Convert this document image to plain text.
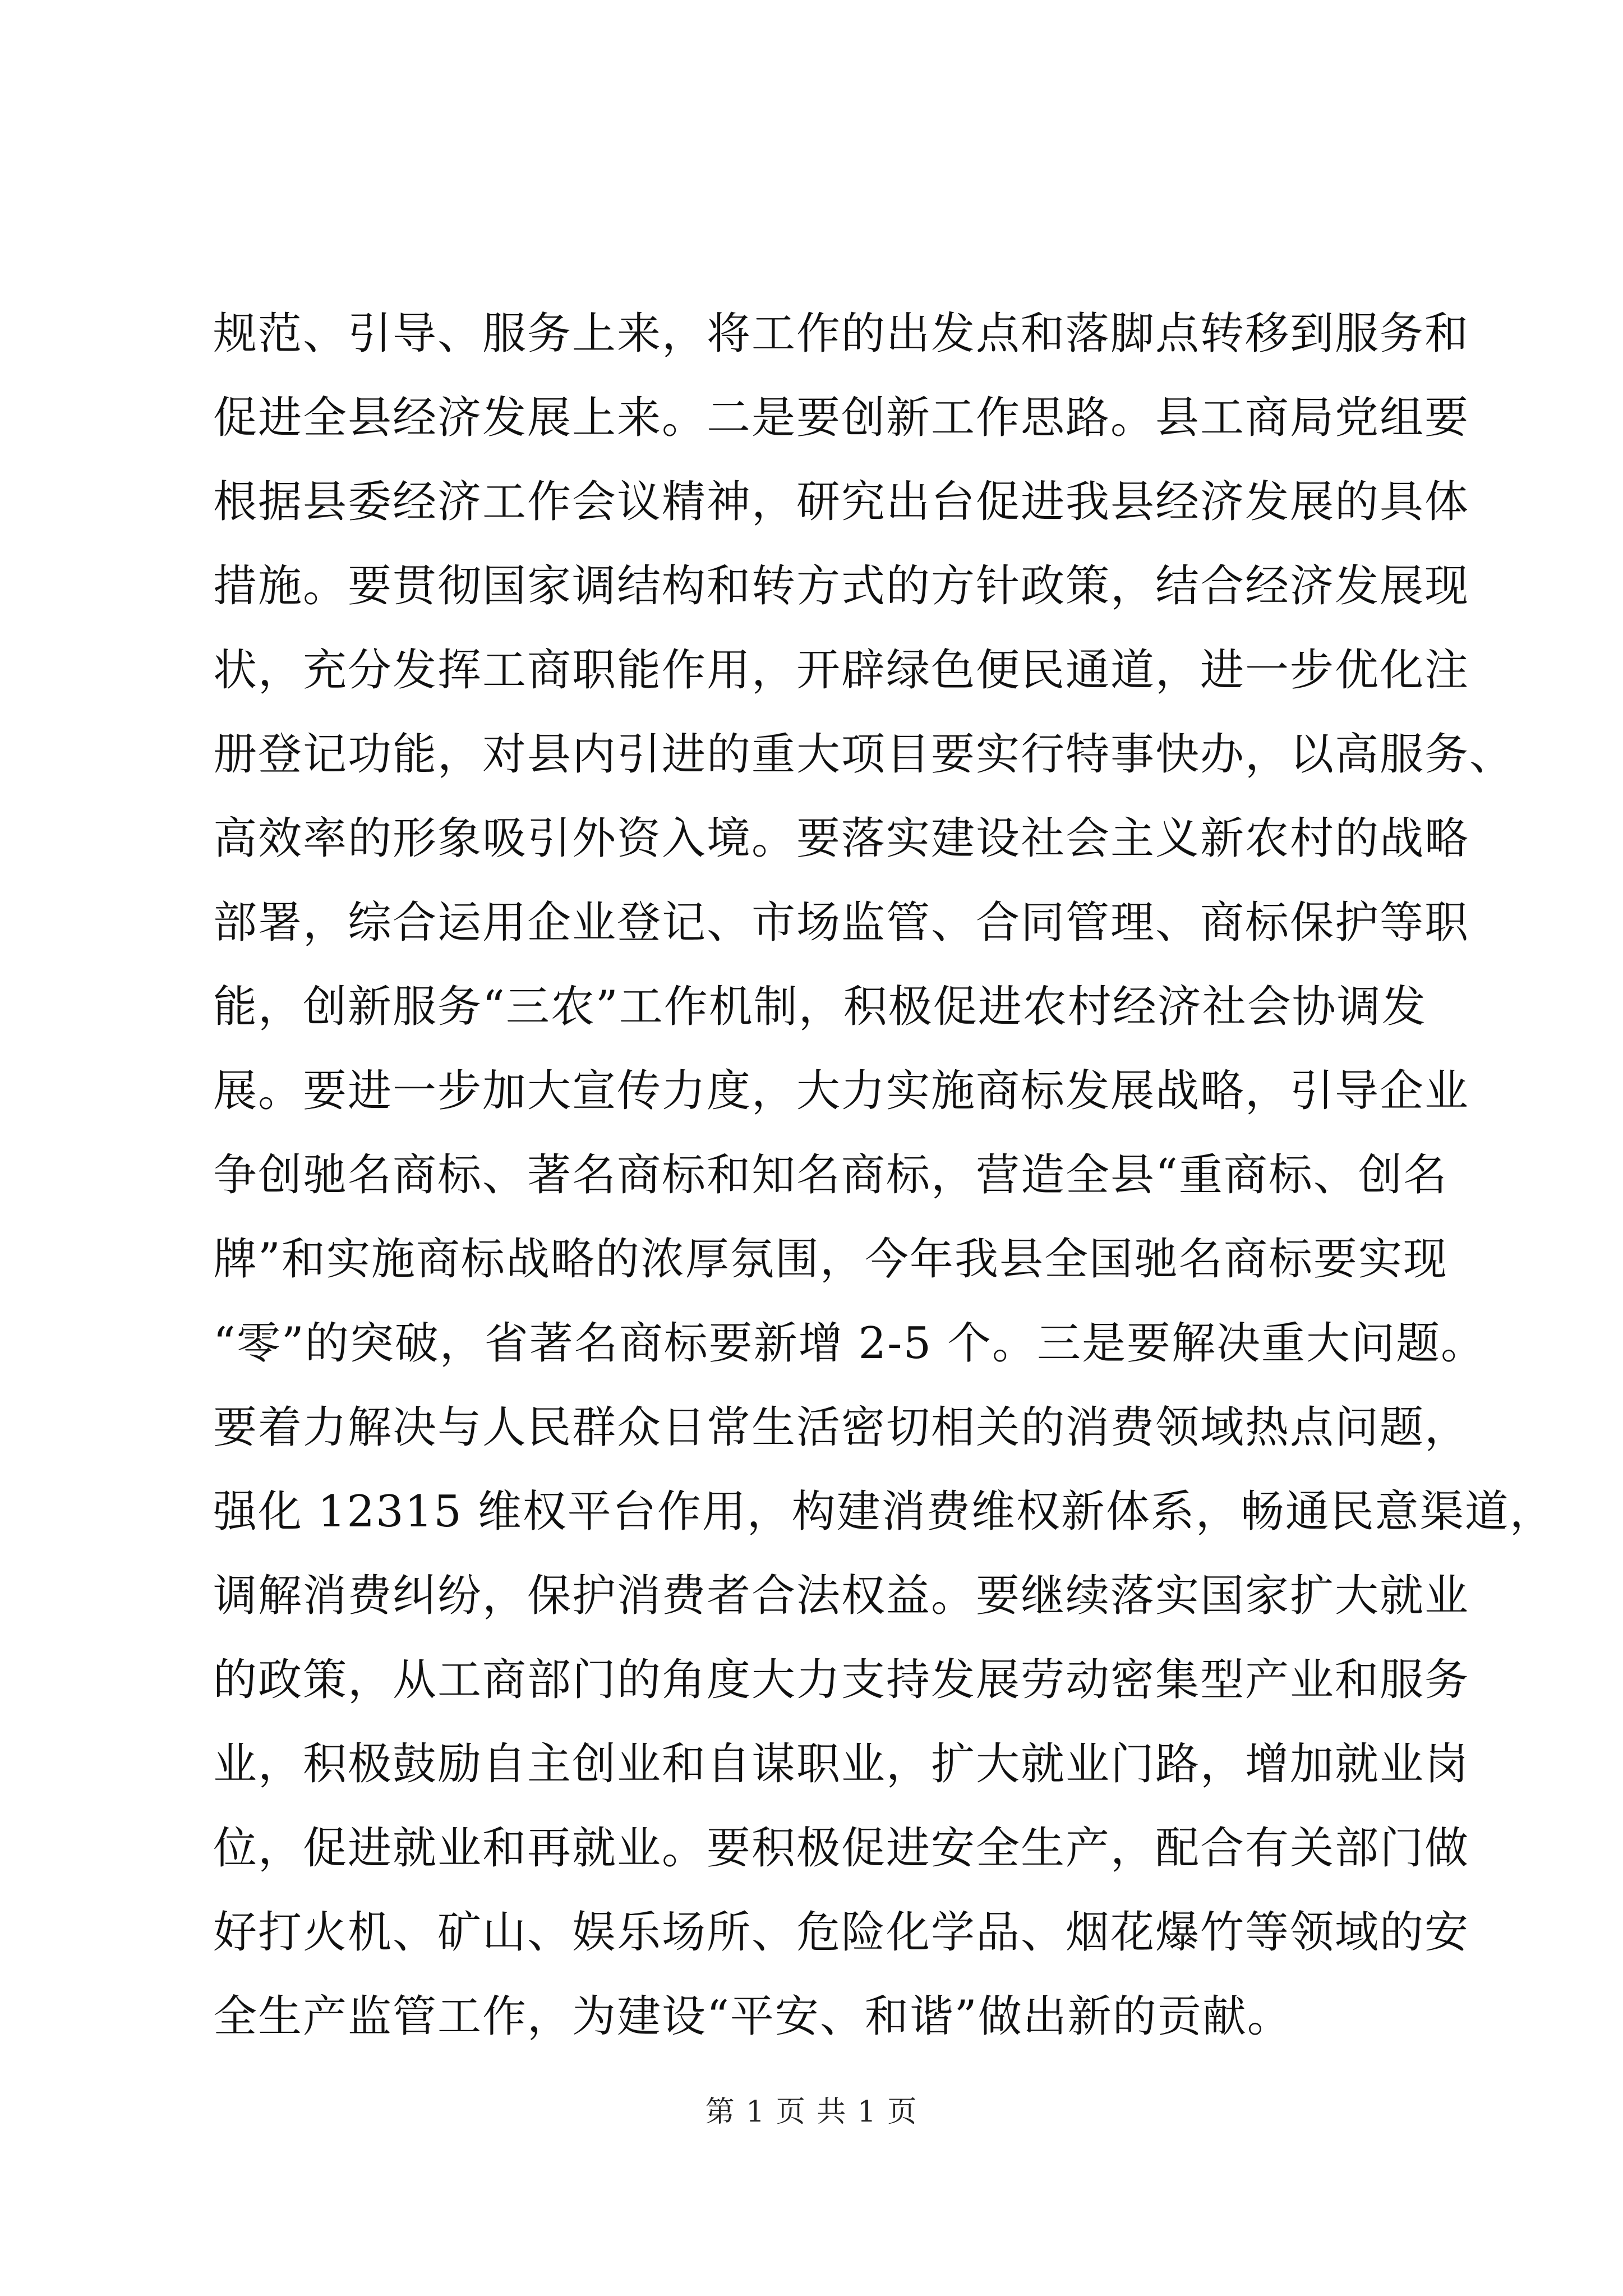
规范、引导、服务上来，将工作的出发点和落脚点转移到服务和
促进全县经济发展上来。二是要创新工作思路。县工商局党组要
根据县委经济工作会议精神，研究出台促进我县经济发展的具体
措施。要贯彻国家调结构和转方式的方针政策，结合经济发展现
状，充分发挥工商职能作用，开辟绿色便民通道，进一步优化注
册登记功能，对县内引进的重大项目要实行特事快办，以高服务、
高效率的形象吸引外资入境。要落实建设社会主义新农村的战略
部署，综合运用企业登记、市场监管、合同管理、商标保护等职
能，创新服务“三农”工作机制，积极促进农村经济社会协调发
展。要进一步加大宣传力度，大力实施商标发展战略，引导企业
争创驰名商标、著名商标和知名商标，营造全县“重商标、创名
牌”和实施商标战略的浓厚氛围，今年我县全国驰名商标要实现
“零”的突破，省著名商标要新增 2-5 个。三是要解决重大问题。
要着力解决与人民群众日常生活密切相关的消费领域热点问题，
强化 12315 维权平台作用，构建消费维权新体系，畅通民意渠道，
调解消费纠纷，保护消费者合法权益。要继续落实国家扩大就业
的政策，从工商部门的角度大力支持发展劳动密集型产业和服务
业，积极鼓励自主创业和自谋职业，扩大就业门路，增加就业岗
位，促进就业和再就业。要积极促进安全生产，配合有关部门做
好打火机、矿山、娱乐场所、危险化学品、烟花爆竹等领域的安
全生产监管工作，为建设“平安、和谐”做出新的贡献。
第 1 页 共 1 页
